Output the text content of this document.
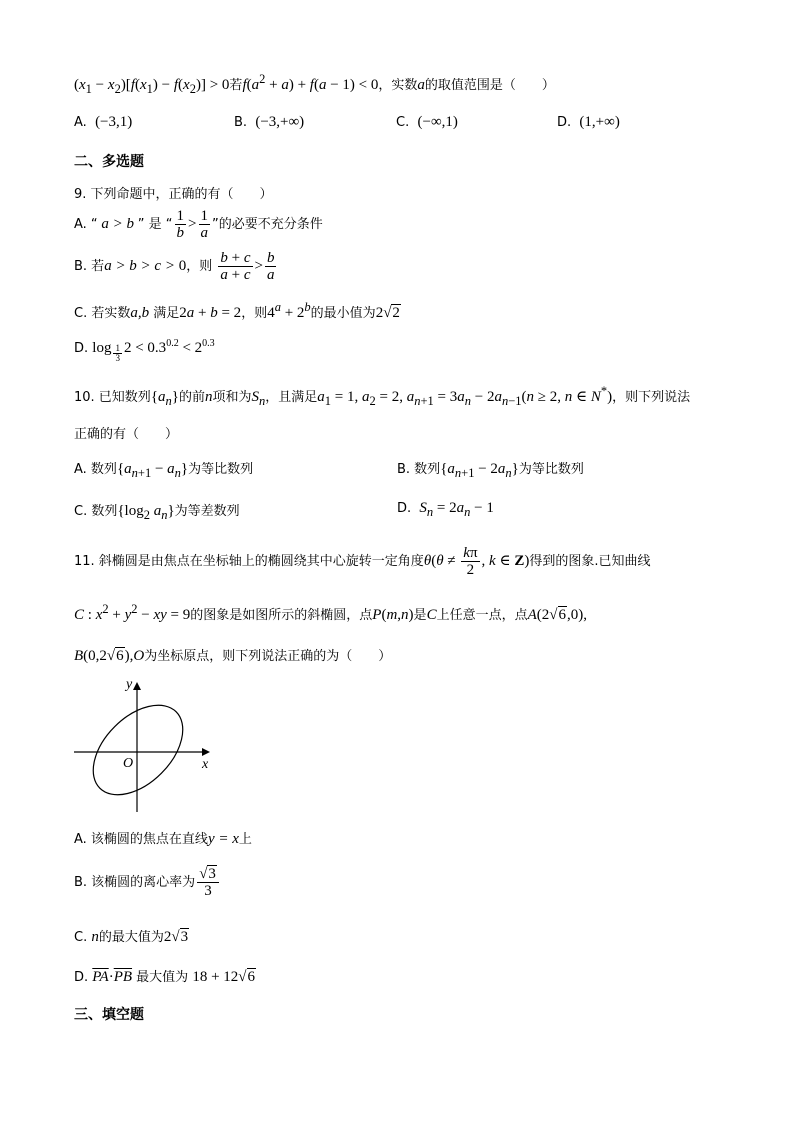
$(x_1 - x_2)[f(x_1) - f(x_2)] > 0$若$f(a^2 + a) + f(a - 1) < 0$，实数a的取值范围是（　　）
A. (−3,1)	B. (−3,+∞)	C. (−∞,1)	D. (1,+∞)
二、多选题
9. 下列命题中，正确的有（　　）
A. “ a > b ” 是 “ $\frac{1}{b} > \frac{1}{a}$ ”的必要不充分条件
B. 若a > b > c > 0，则 $\frac{b + c}{a + c} > \frac{b}{a}$
C. 若实数a,b 满足2a + b = 2，则$4^a + 2^b$的最小值为2√2
D. log $_{\frac{1}{3}}$ $2 < 0.3^{0.2} < 2^{0.3}$
10. 已知数列$\{a_n\}$的前n项和为$S_n$，且满足$a_1 = 1$, $a_2 = 2$, $a_{n+1} = 3a_n - 2a_{n-1}(n \ge 2$, n ∈ N*)，则下列说法
正确的有（　　）
A. 数列$\{a_{n+1} - a_n\}$为等比数列	B. 数列$\{a_{n+1} - 2a_n\}$为等比数列
C. 数列{$\log_2$ $a_n$}为等差数列	D. $S_n = 2a_n - 1$
11. 斜椭圆是由焦点在坐标轴上的椭圆绕其中心旋转一定角度$\theta(\theta \ne \frac{k\pi}{2}$ , k ∈ Z)得到的图象.已知曲线
C : $x^2 + y^2$ − xy = 9的图象是如图所示的斜椭圆，点P(m,n)是C上任意一点，点A(2√6,0),
B(0,2√6),O为坐标原点，则下列说法正确的为（　　）
y
x
O
A. 该椭圆的焦点在直线y = x上
B. 该椭圆的离心率为 $\frac{√3}{3}$
C. n的最大值为2√3
D. $\overline{PA}\cdot\overline{PB}$ 最大值为 18 + 12√6
三、填空题
